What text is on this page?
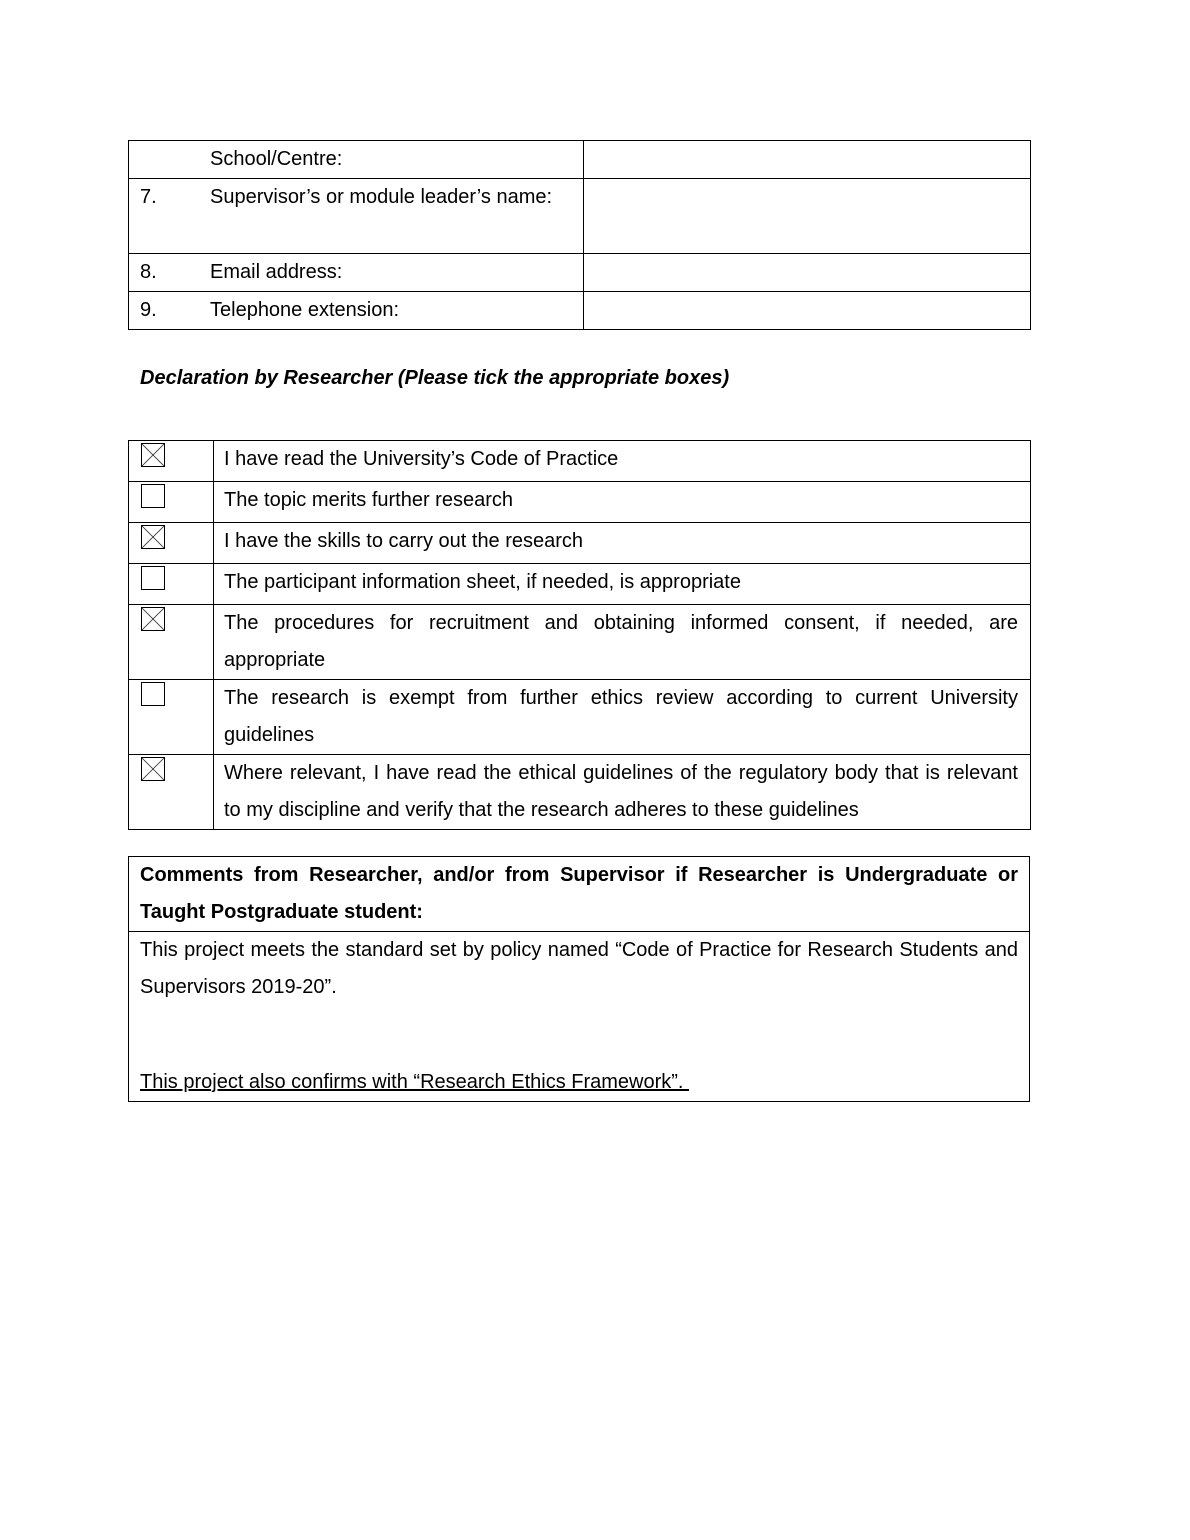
School/Centre:	
7. Supervisor’s or module leader’s name:	
8. Email address:	
9. Telephone extension:	

Declaration by Researcher (Please tick the appropriate boxes)

	I have read the University’s Code of Practice
	The topic merits further research

	I have the skills to carry out the research
	The participant information sheet, if needed, is appropriate

	The procedures for recruitment and obtaining informed consent, if needed, are appropriate
	The research is exempt from further ethics review according to current University guidelines

	Where relevant, I have read the ethical guidelines of the regulatory body that is relevant to my discipline and verify that the research adheres to these guidelines
Comments from Researcher, and/or from Supervisor if Researcher is Undergraduate or Taught Postgraduate student:

This project meets the standard set by policy named “Code of Practice for Research Students and Supervisors 2019-20”.
This project also confirms with “Research Ethics Framework”.
